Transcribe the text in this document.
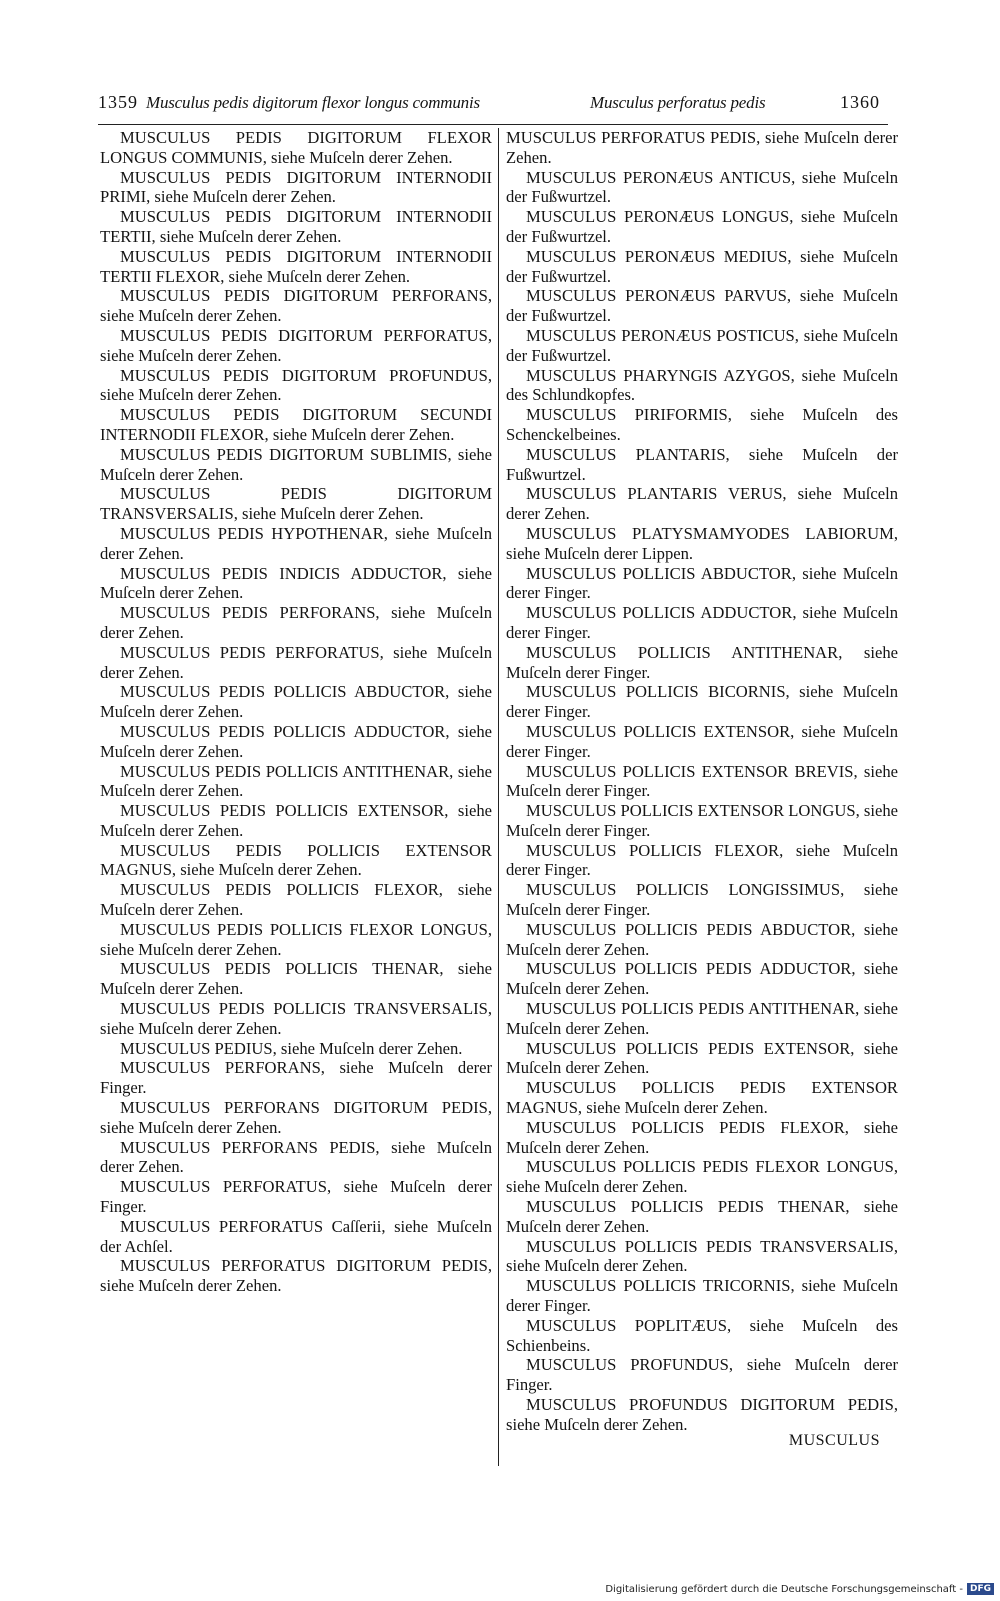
1359 Musculus pedis digitorum flexor longus communis	Musculus perforatus pedis	1360

MUSCULUS PEDIS DIGITORUM FLEXOR LONGUS COMMUNIS, siehe Muſceln derer Zehen.

MUSCULUS PEDIS DIGITORUM INTERNODII PRIMI, siehe Muſceln derer Zehen.

MUSCULUS PEDIS DIGITORUM INTERNODII TERTII, siehe Muſceln derer Zehen.

MUSCULUS PEDIS DIGITORUM INTERNODII TERTII FLEXOR, siehe Muſceln derer Zehen.

MUSCULUS PEDIS DIGITORUM PERFORANS, siehe Muſceln derer Zehen.

MUSCULUS PEDIS DIGITORUM PERFORATUS, siehe Muſceln derer Zehen.

MUSCULUS PEDIS DIGITORUM PROFUNDUS, siehe Muſceln derer Zehen.

MUSCULUS PEDIS DIGITORUM SECUNDI INTERNODII FLEXOR, siehe Muſceln derer Zehen.

MUSCULUS PEDIS DIGITORUM SUBLIMIS, siehe Muſceln derer Zehen.

MUSCULUS PEDIS DIGITORUM TRANSVERSALIS, siehe Muſceln derer Zehen.

MUSCULUS PEDIS HYPOTHENAR, siehe Muſceln derer Zehen.

MUSCULUS PEDIS INDICIS ADDUCTOR, siehe Muſceln derer Zehen.

MUSCULUS PEDIS PERFORANS, siehe Muſceln derer Zehen.

MUSCULUS PEDIS PERFORATUS, siehe Muſceln derer Zehen.

MUSCULUS PEDIS POLLICIS ABDUCTOR, siehe Muſceln derer Zehen.

MUSCULUS PEDIS POLLICIS ADDUCTOR, siehe Muſceln derer Zehen.

MUSCULUS PEDIS POLLICIS ANTITHENAR, siehe Muſceln derer Zehen.

MUSCULUS PEDIS POLLICIS EXTENSOR, siehe Muſceln derer Zehen.

MUSCULUS PEDIS POLLICIS EXTENSOR MAGNUS, siehe Muſceln derer Zehen.

MUSCULUS PEDIS POLLICIS FLEXOR, siehe Muſceln derer Zehen.

MUSCULUS PEDIS POLLICIS FLEXOR LONGUS, siehe Muſceln derer Zehen.

MUSCULUS PEDIS POLLICIS THENAR, siehe Muſceln derer Zehen.

MUSCULUS PEDIS POLLICIS TRANSVERSALIS, siehe Muſceln derer Zehen.

MUSCULUS PEDIUS, siehe Muſceln derer Zehen.

MUSCULUS PERFORANS, siehe Muſceln derer Finger.

MUSCULUS PERFORANS DIGITORUM PEDIS, siehe Muſceln derer Zehen.

MUSCULUS PERFORANS PEDIS, siehe Muſceln derer Zehen.

MUSCULUS PERFORATUS, siehe Muſceln derer Finger.

MUSCULUS PERFORATUS Caſſerii, siehe Muſceln der Achſel.

MUSCULUS PERFORATUS DIGITORUM PEDIS, siehe Muſceln derer Zehen.

MUSCULUS PERFORATUS PEDIS, siehe Muſceln derer Zehen.

MUSCULUS PERONÆUS ANTICUS, siehe Muſceln der Fußwurtzel.

MUSCULUS PERONÆUS LONGUS, siehe Muſceln der Fußwurtzel.

MUSCULUS PERONÆUS MEDIUS, siehe Muſceln der Fußwurtzel.

MUSCULUS PERONÆUS PARVUS, siehe Muſceln der Fußwurtzel.

MUSCULUS PERONÆUS POSTICUS, siehe Muſceln der Fußwurtzel.

MUSCULUS PHARYNGIS AZYGOS, siehe Muſceln des Schlundkopfes.

MUSCULUS PIRIFORMIS, siehe Muſceln des Schenckelbeines.

MUSCULUS PLANTARIS, siehe Muſceln der Fußwurtzel.

MUSCULUS PLANTARIS VERUS, siehe Muſceln derer Zehen.

MUSCULUS PLATYSMAMYODES LABIORUM, siehe Muſceln derer Lippen.

MUSCULUS POLLICIS ABDUCTOR, siehe Muſceln derer Finger.

MUSCULUS POLLICIS ADDUCTOR, siehe Muſceln derer Finger.

MUSCULUS POLLICIS ANTITHENAR, siehe Muſceln derer Finger.

MUSCULUS POLLICIS BICORNIS, siehe Muſceln derer Finger.

MUSCULUS POLLICIS EXTENSOR, siehe Muſceln derer Finger.

MUSCULUS POLLICIS EXTENSOR BREVIS, siehe Muſceln derer Finger.

MUSCULUS POLLICIS EXTENSOR LONGUS, siehe Muſceln derer Finger.

MUSCULUS POLLICIS FLEXOR, siehe Muſceln derer Finger.

MUSCULUS POLLICIS LONGISSIMUS, siehe Muſceln derer Finger.

MUSCULUS POLLICIS PEDIS ABDUCTOR, siehe Muſceln derer Zehen.

MUSCULUS POLLICIS PEDIS ADDUCTOR, siehe Muſceln derer Zehen.

MUSCULUS POLLICIS PEDIS ANTITHENAR, siehe Muſceln derer Zehen.

MUSCULUS POLLICIS PEDIS EXTENSOR, siehe Muſceln derer Zehen.

MUSCULUS POLLICIS PEDIS EXTENSOR MAGNUS, siehe Muſceln derer Zehen.

MUSCULUS POLLICIS PEDIS FLEXOR, siehe Muſceln derer Zehen.

MUSCULUS POLLICIS PEDIS FLEXOR LONGUS, siehe Muſceln derer Zehen.

MUSCULUS POLLICIS PEDIS THENAR, siehe Muſceln derer Zehen.

MUSCULUS POLLICIS PEDIS TRANSVERSALIS, siehe Muſceln derer Zehen.

MUSCULUS POLLICIS TRICORNIS, siehe Muſceln derer Finger.

MUSCULUS POPLITÆUS, siehe Muſceln des Schienbeins.

MUSCULUS PROFUNDUS, siehe Muſceln derer Finger.

MUSCULUS PROFUNDUS DIGITORUM PEDIS, siehe Muſceln derer Zehen.

MUSCULUS
Digitalisierung gefördert durch die Deutsche Forschungsgemeinschaft - DFG
